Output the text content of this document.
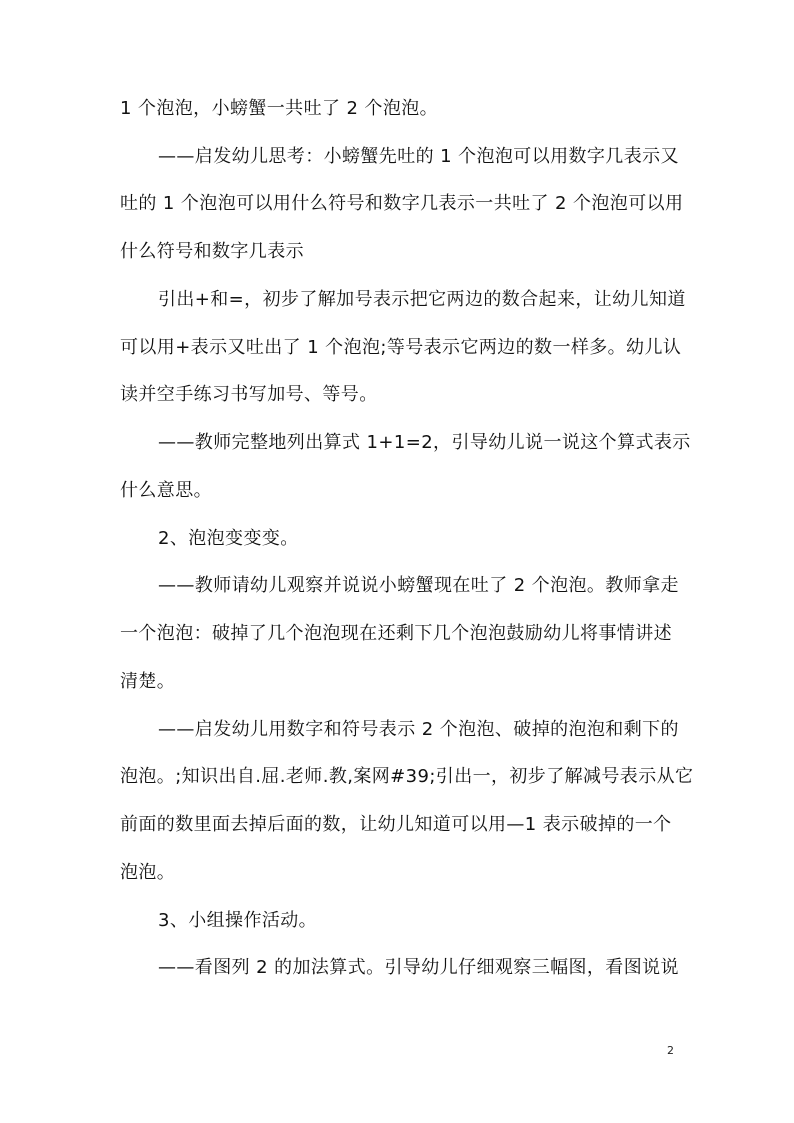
1 个泡泡，小螃蟹一共吐了 2 个泡泡。
——启发幼儿思考：小螃蟹先吐的 1 个泡泡可以用数字几表示又
吐的 1 个泡泡可以用什么符号和数字几表示一共吐了 2 个泡泡可以用
什么符号和数字几表示
引出+和=，初步了解加号表示把它两边的数合起来，让幼儿知道
可以用+表示又吐出了 1 个泡泡;等号表示它两边的数一样多。幼儿认
读并空手练习书写加号、等号。
——教师完整地列出算式 1+1=2，引导幼儿说一说这个算式表示
什么意思。
2、泡泡变变变。
——教师请幼儿观察并说说小螃蟹现在吐了 2 个泡泡。教师拿走
一个泡泡：破掉了几个泡泡现在还剩下几个泡泡鼓励幼儿将事情讲述
清楚。
——启发幼儿用数字和符号表示 2 个泡泡、破掉的泡泡和剩下的
泡泡。;知识出自.屈.老师.教,案网#39;引出一，初步了解减号表示从它
前面的数里面去掉后面的数，让幼儿知道可以用—1 表示破掉的一个
泡泡。
3、小组操作活动。
——看图列 2 的加法算式。引导幼儿仔细观察三幅图，看图说说
2
